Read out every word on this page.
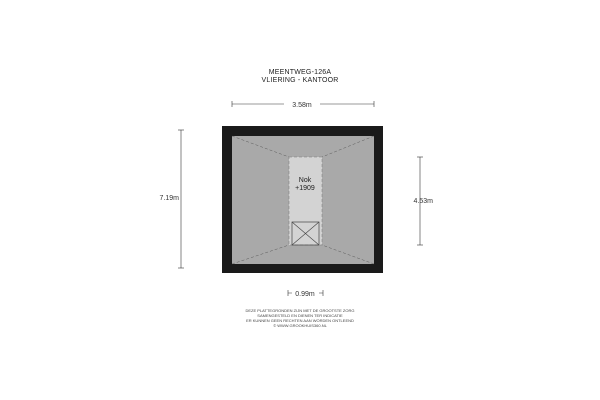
MEENTWEG-126A
VLIERING - KANTOOR
3.58m
7.19m	4.53m
Nok
+1909
0.99m
DEZE PLATTEGRONDEN ZIJN MET DE GROOTSTE ZORG
SAMENGESTELD EN DIENEN TER INDICATIE
ER KUNNEN GEEN RECHTEN AAN WORDEN ONTLEEND
© WWW.GROOKHUIS360.NL
